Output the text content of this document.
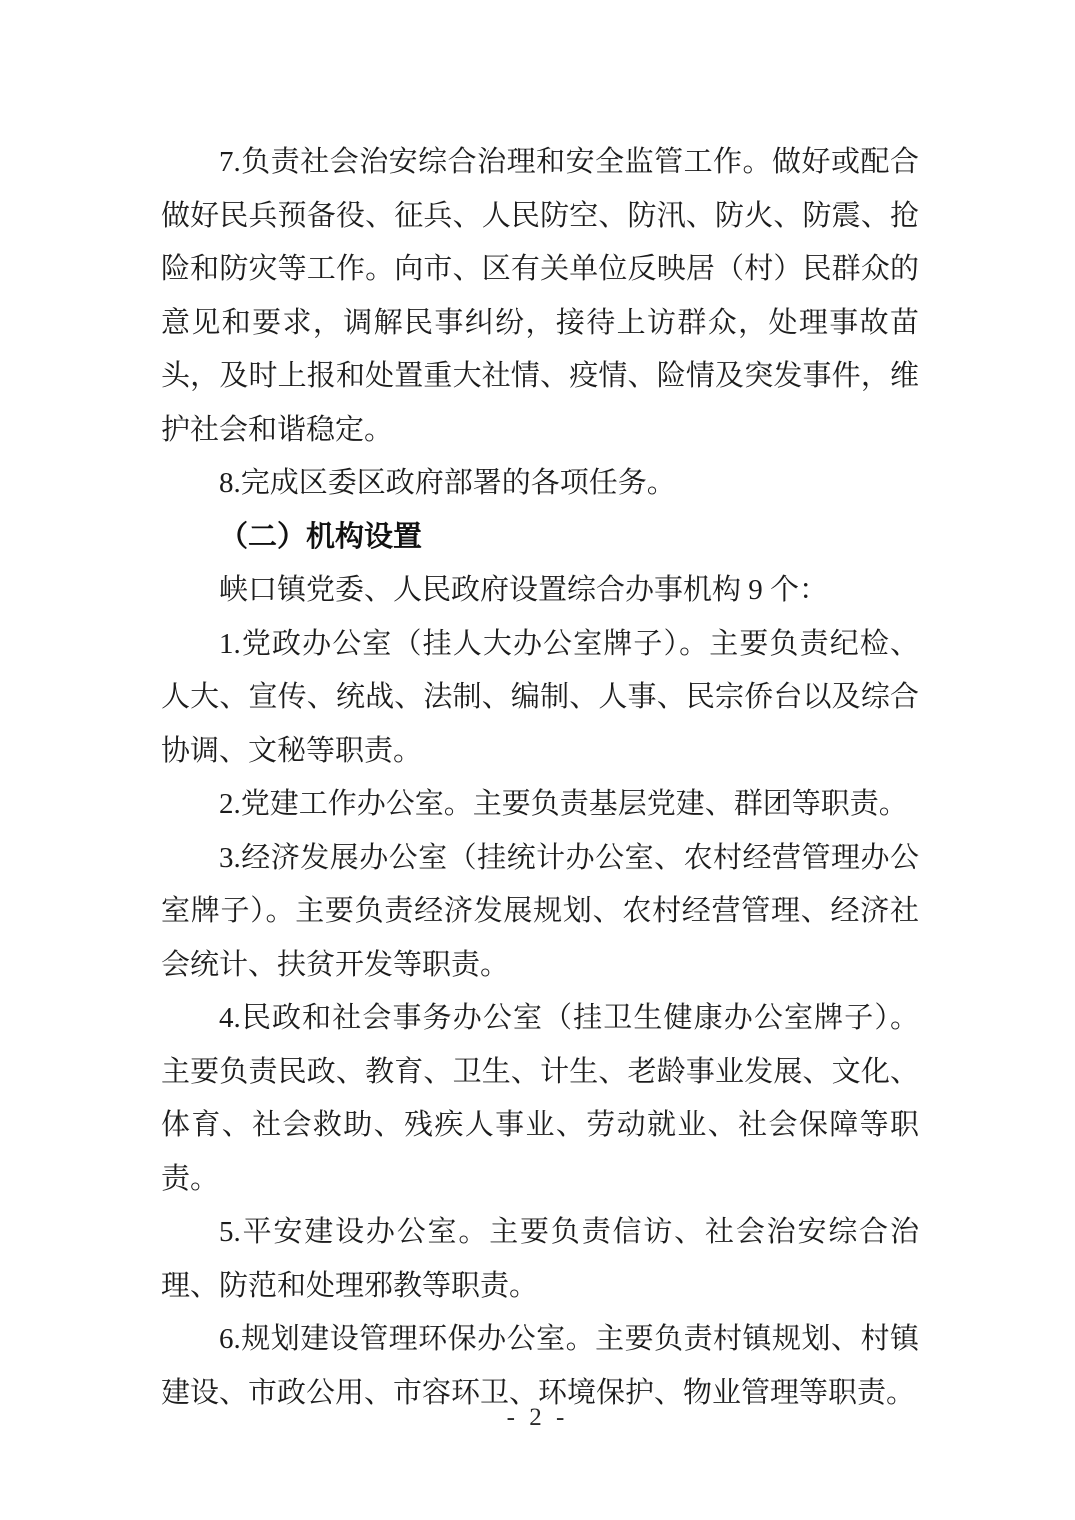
7.负责社会治安综合治理和安全监管工作。做好或配合做好民兵预备役、征兵、人民防空、防汛、防火、防震、抢险和防灾等工作。向市、区有关单位反映居（村）民群众的意见和要求，调解民事纠纷，接待上访群众，处理事故苗头，及时上报和处置重大社情、疫情、险情及突发事件，维护社会和谐稳定。

8.完成区委区政府部署的各项任务。

（二）机构设置

峡口镇党委、人民政府设置综合办事机构 9 个：

1.党政办公室（挂人大办公室牌子）。主要负责纪检、人大、宣传、统战、法制、编制、人事、民宗侨台以及综合协调、文秘等职责。

2.党建工作办公室。主要负责基层党建、群团等职责。

3.经济发展办公室（挂统计办公室、农村经营管理办公室牌子）。主要负责经济发展规划、农村经营管理、经济社会统计、扶贫开发等职责。

4.民政和社会事务办公室（挂卫生健康办公室牌子）。主要负责民政、教育、卫生、计生、老龄事业发展、文化、体育、社会救助、残疾人事业、劳动就业、社会保障等职责。

5.平安建设办公室。主要负责信访、社会治安综合治理、防范和处理邪教等职责。

6.规划建设管理环保办公室。主要负责村镇规划、村镇建设、市政公用、市容环卫、环境保护、物业管理等职责。

- 2 -
